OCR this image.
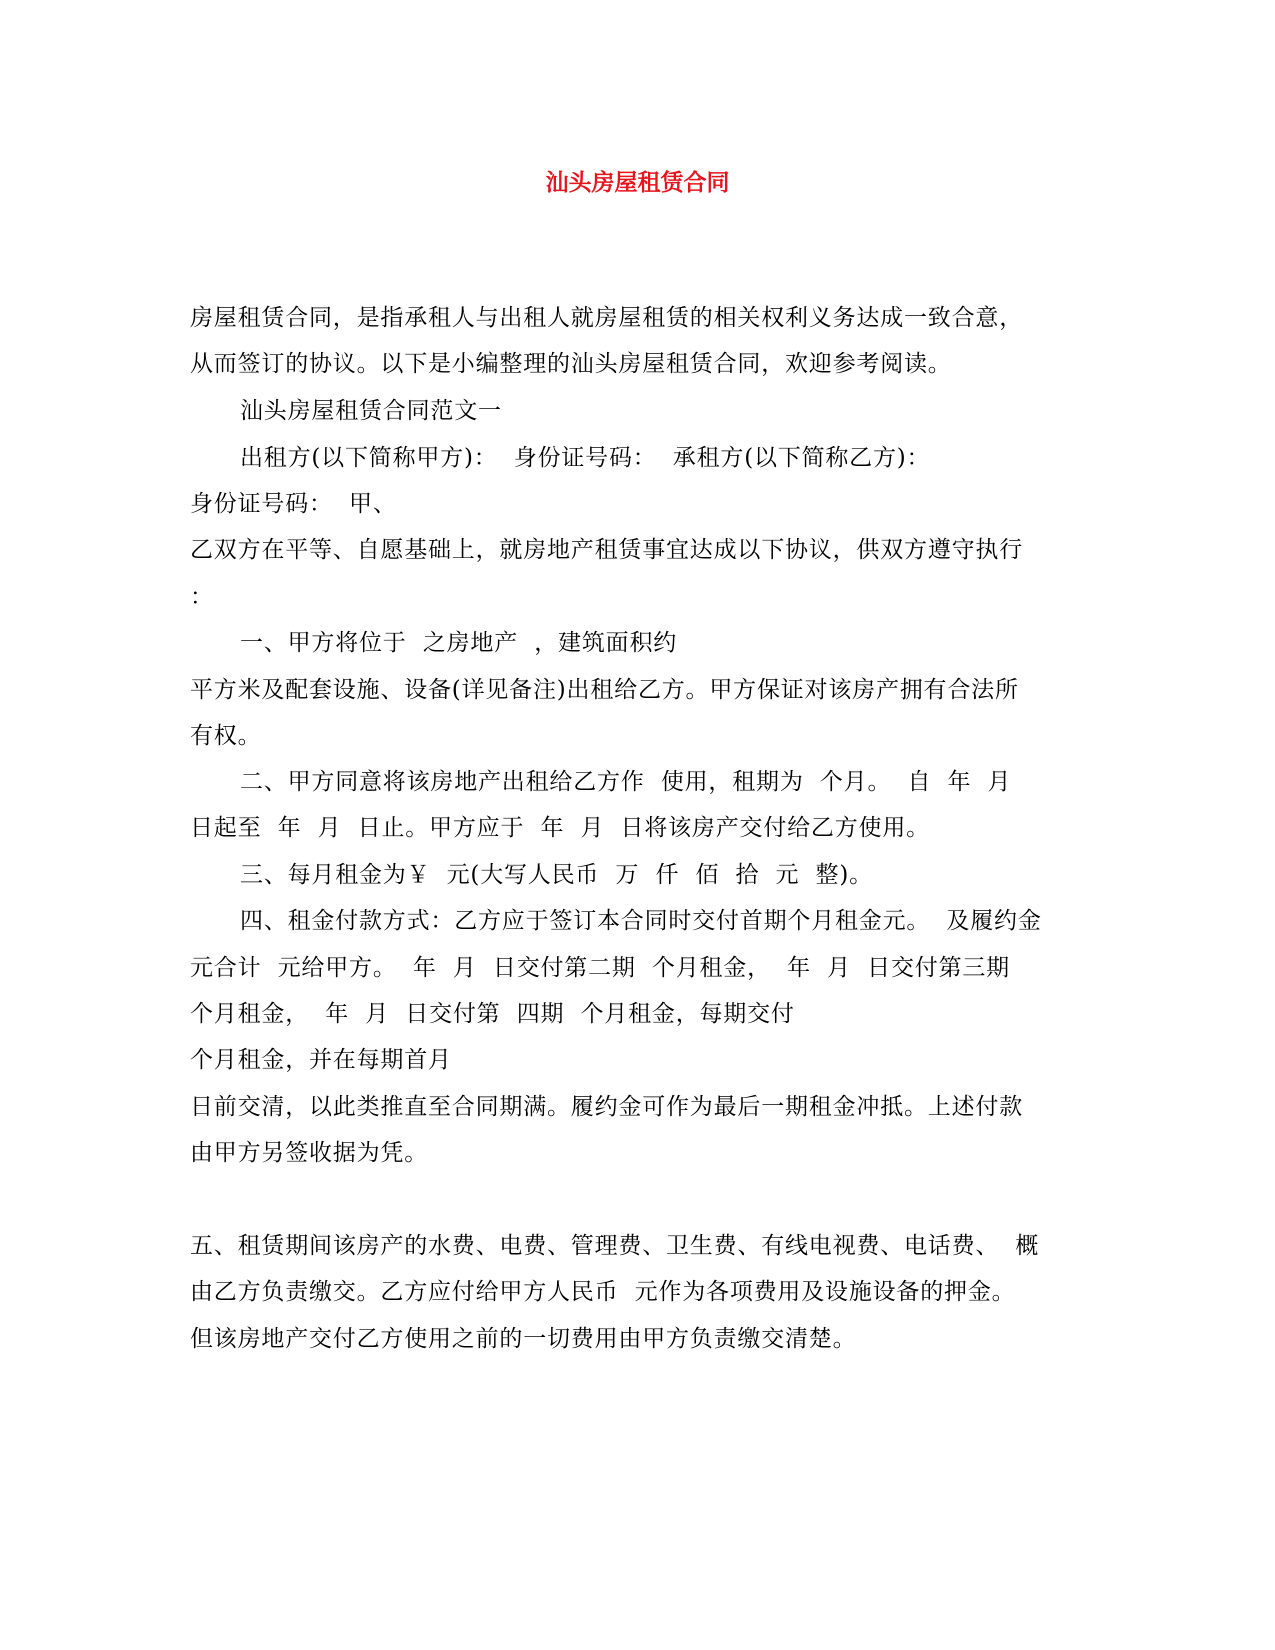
汕头房屋租赁合同
房屋租赁合同，是指承租人与出租人就房屋租赁的相关权利义务达成一致合意，
从而签订的协议。以下是小编整理的汕头房屋租赁合同，欢迎参考阅读。
汕头房屋租赁合同范文一
出租方(以下简称甲方)：  身份证号码：  承租方(以下简称乙方)：
身份证号码：  甲、
乙双方在平等、自愿基础上，就房地产租赁事宜达成以下协议，供双方遵守执行
：
一、甲方将位于  之房地产  ，建筑面积约
平方米及配套设施、设备(详见备注)出租给乙方。甲方保证对该房产拥有合法所
有权。
二、甲方同意将该房地产出租给乙方作  使用，租期为  个月。  自  年  月
日起至  年  月  日止。甲方应于  年  月  日将该房产交付给乙方使用。
三、每月租金为￥  元(大写人民币  万  仟  佰  拾  元  整)。
四、租金付款方式：乙方应于签订本合同时交付首期个月租金元。  及履约金
元合计  元给甲方。  年  月  日交付第二期  个月租金，  年  月  日交付第三期
个月租金，  年  月  日交付第  四期  个月租金，每期交付
个月租金，并在每期首月
日前交清，以此类推直至合同期满。履约金可作为最后一期租金冲抵。上述付款
由甲方另签收据为凭。
五、租赁期间该房产的水费、电费、管理费、卫生费、有线电视费、电话费、  概
由乙方负责缴交。乙方应付给甲方人民币  元作为各项费用及设施设备的押金。
但该房地产交付乙方使用之前的一切费用由甲方负责缴交清楚。
